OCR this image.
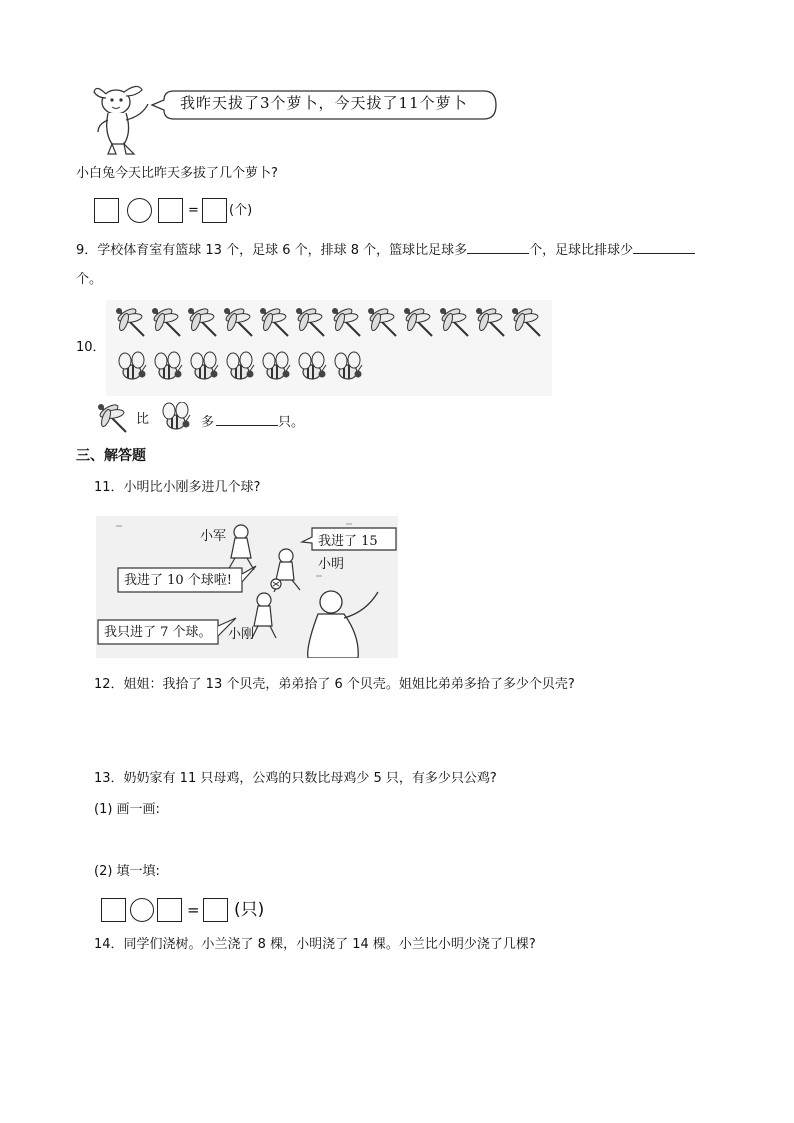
我昨天拔了3个萝卜，今天拔了11个萝卜
小白兔今天比昨天多拔了几个萝卜?
= (个)
9．学校体育室有篮球 13 个，足球 6 个，排球 8 个，篮球比足球多	个，足球比排球少
个。
10．
比	多	只。
三、解答题
11．小明比小刚多进几个球?
小军	我进了 15
小明
我进了 10 个球啦!
我只进了 7 个球。 小刚
12．姐姐：我拾了 13 个贝壳，弟弟拾了 6 个贝壳。姐姐比弟弟多拾了多少个贝壳?
13．奶奶家有 11 只母鸡，公鸡的只数比母鸡少 5 只，有多少只公鸡?
(1) 画一画:
(2) 填一填:
= (只)
14．同学们浇树。小兰浇了 8 棵，小明浇了 14 棵。小兰比小明少浇了几棵?
